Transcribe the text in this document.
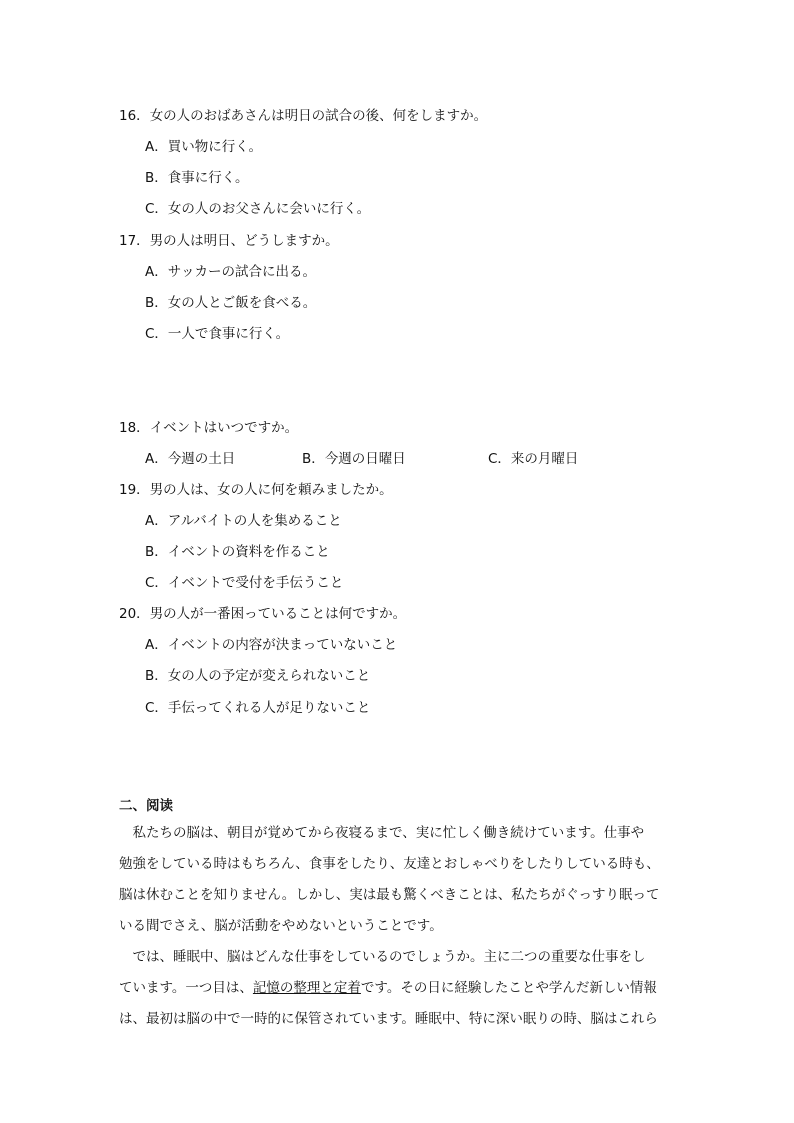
16．女の人のおばあさんは明日の試合の後、何をしますか。
A．買い物に行く。
B．食事に行く。
C．女の人のお父さんに会いに行く。
17．男の人は明日、どうしますか。
A．サッカーの試合に出る。
B．女の人とご飯を食べる。
C．一人で食事に行く。
18．イベントはいつですか。
A．今週の土日	B．今週の日曜日	C．来の月曜日
19．男の人は、女の人に何を頼みましたか。
A．アルバイトの人を集めること
B．イベントの資料を作ること
C．イベントで受付を手伝うこと
20．男の人が一番困っていることは何ですか。
A．イベントの内容が決まっていないこと
B．女の人の予定が変えられないこと
C．手伝ってくれる人が足りないこと
二、阅读
　私たちの脳は、朝目が覚めてから夜寝るまで、実に忙しく働き続けています。仕事や
勉強をしている時はもちろん、食事をしたり、友達とおしゃべりをしたりしている時も、
脳は休むことを知りません。しかし、実は最も驚くべきことは、私たちがぐっすり眠って
いる間でさえ、脳が活動をやめないということです。
　では、睡眠中、脳はどんな仕事をしているのでしょうか。主に二つの重要な仕事をし
ています。一つ目は、記憶の整理と定着です。その日に経験したことや学んだ新しい情報
は、最初は脳の中で一時的に保管されています。睡眠中、特に深い眠りの時、脳はこれら
